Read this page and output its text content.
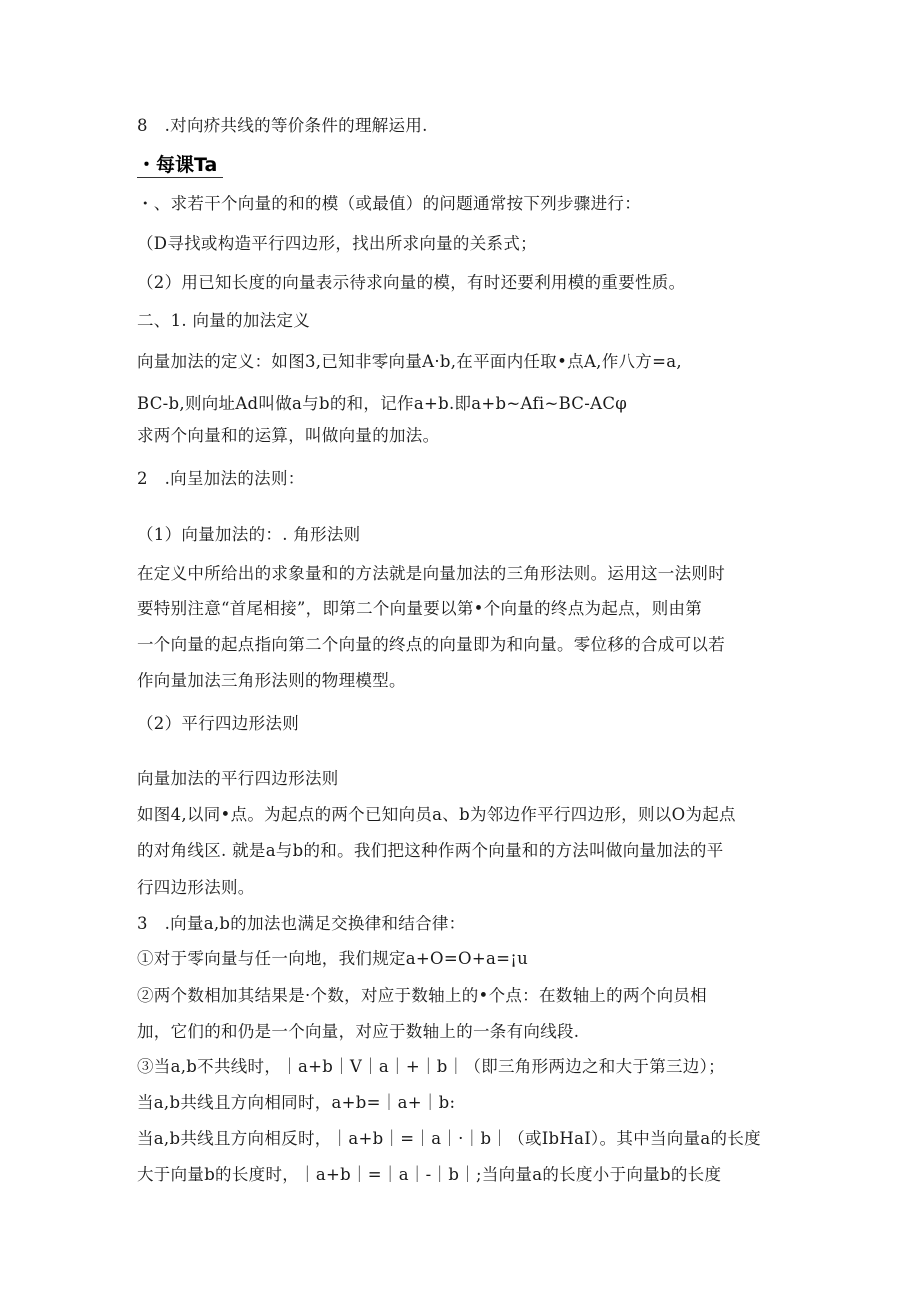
8　.对向疥共线的等价条件的理解运用.
・每课Ta
・、求若干个向量的和的模（或最值）的问题通常按下列步骤进行：
（D寻找或构造平行四边形，找出所求向量的关系式；
（2）用已知长度的向量表示待求向量的模，有时还要利用模的重要性质。
二、1. 向量的加法定义
向量加法的定义：如图3,已知非零向量A·b,在平面内任取•点A,作八方=a,
BC-b,则向址Ad叫做a与b的和，记作a+b.即a+b~Afi~BC-ACφ
求两个向量和的运算，叫做向量的加法。
2　.向呈加法的法则：
（1）向量加法的：. 角形法则
在定义中所给出的求象量和的方法就是向量加法的三角形法则。运用这一法则时
要特别注意“首尾相接”，即第二个向量要以第•个向量的终点为起点，则由第
一个向量的起点指向第二个向量的终点的向量即为和向量。零位移的合成可以若
作向量加法三角形法则的物理模型。
（2）平行四边形法则
向量加法的平行四边形法则
如图4,以同•点。为起点的两个已知向员a、b为邻边作平行四边形，则以O为起点
的对角线区. 就是a与b的和。我们把这种作两个向量和的方法叫做向量加法的平
行四边形法则。
3　.向量a,b的加法也满足交换律和结合律：
①对于零向量与任一向地，我们规定a+O=O+a=¡u
②两个数相加其结果是·个数，对应于数轴上的•个点：在数轴上的两个向员相
加，它们的和仍是一个向量，对应于数轴上的一条有向线段.
③当a,b不共线时，｜a+b｜V｜a｜+｜b｜（即三角形两边之和大于第三边）；
当a,b共线且方向相同时，a+b=｜a+｜b:
当a,b共线且方向相反时，｜a+b｜=｜a｜·｜b｜（或IbHaI）。其中当向量a的长度
大于向量b的长度时，｜a+b｜=｜a｜-｜b｜;当向量a的长度小于向量b的长度
